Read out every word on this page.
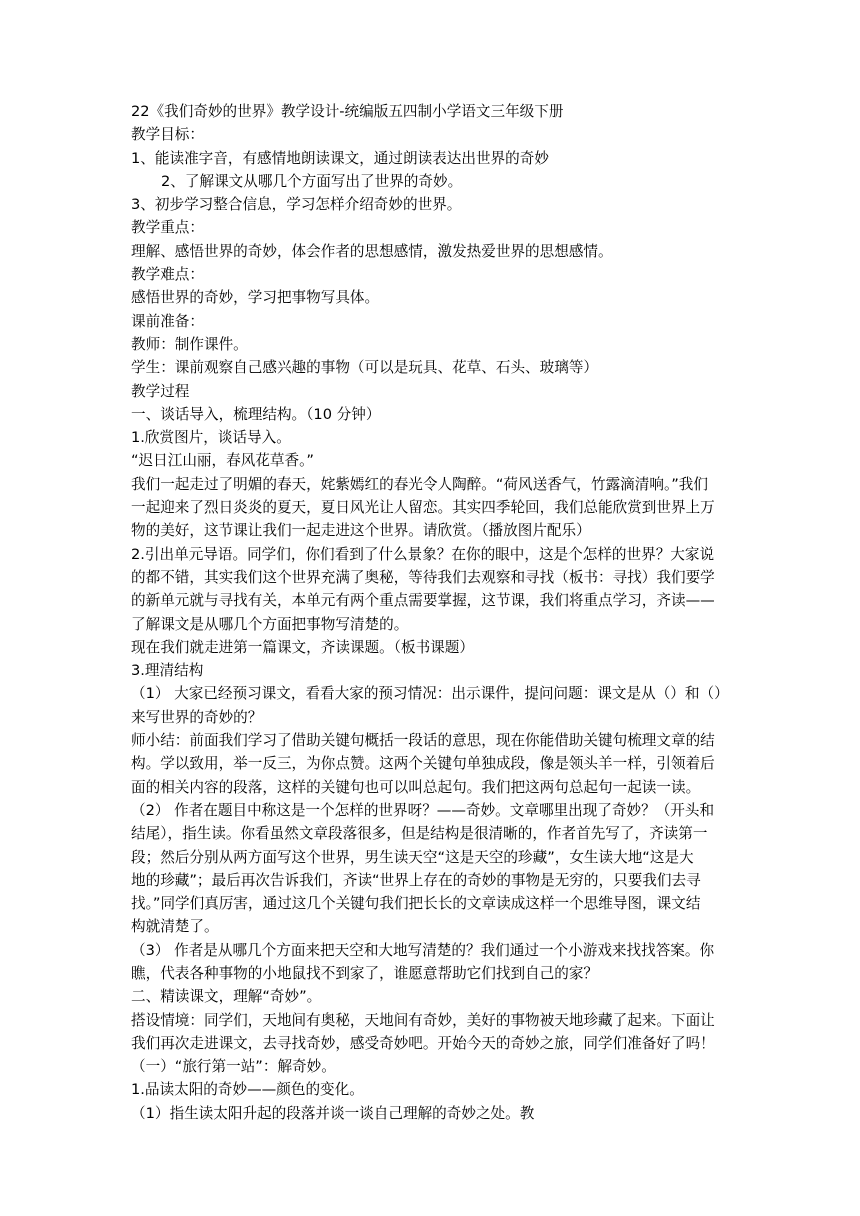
22《我们奇妙的世界》教学设计-统编版五四制小学语文三年级下册
教学目标：
1、能读准字音，有感情地朗读课文，通过朗读表达出世界的奇妙
2、了解课文从哪几个方面写出了世界的奇妙。
3、初步学习整合信息，学习怎样介绍奇妙的世界。
教学重点：
理解、感悟世界的奇妙，体会作者的思想感情，激发热爱世界的思想感情。
教学难点：
感悟世界的奇妙，学习把事物写具体。
课前准备：
教师：制作课件。
学生：课前观察自己感兴趣的事物（可以是玩具、花草、石头、玻璃等）
教学过程
一、谈话导入，梳理结构。（10 分钟）
1.欣赏图片，谈话导入。
“迟日江山丽，春风花草香。”
我们一起走过了明媚的春天，姹紫嫣红的春光令人陶醉。“荷风送香气，竹露滴清响。”我们
一起迎来了烈日炎炎的夏天，夏日风光让人留恋。其实四季轮回，我们总能欣赏到世界上万
物的美好，这节课让我们一起走进这个世界。请欣赏。（播放图片配乐）
2.引出单元导语。同学们，你们看到了什么景象？在你的眼中，这是个怎样的世界？大家说
的都不错，其实我们这个世界充满了奥秘，等待我们去观察和寻找（板书：寻找）我们要学
的新单元就与寻找有关，本单元有两个重点需要掌握，这节课，我们将重点学习，齐读——
了解课文是从哪几个方面把事物写清楚的。
现在我们就走进第一篇课文，齐读课题。（板书课题）
3.理清结构
（1） 大家已经预习课文，看看大家的预习情况：出示课件，提问问题：课文是从（）和（）
来写世界的奇妙的？
师小结：前面我们学习了借助关键句概括一段话的意思，现在你能借助关键句梳理文章的结
构。学以致用，举一反三，为你点赞。这两个关键句单独成段，像是领头羊一样，引领着后
面的相关内容的段落，这样的关键句也可以叫总起句。我们把这两句总起句一起读一读。
（2） 作者在题目中称这是一个怎样的世界呀？——奇妙。文章哪里出现了奇妙？（开头和
结尾），指生读。你看虽然文章段落很多，但是结构是很清晰的，作者首先写了，齐读第一
段；然后分别从两方面写这个世界，男生读天空“这是天空的珍藏”，女生读大地“这是大
地的珍藏”；最后再次告诉我们，齐读“世界上存在的奇妙的事物是无穷的，只要我们去寻
找。”同学们真厉害，通过这几个关键句我们把长长的文章读成这样一个思维导图，课文结
构就清楚了。
（3） 作者是从哪几个方面来把天空和大地写清楚的？我们通过一个小游戏来找找答案。你
瞧，代表各种事物的小地鼠找不到家了，谁愿意帮助它们找到自己的家？
二、精读课文，理解“奇妙”。
搭设情境：同学们，天地间有奥秘，天地间有奇妙，美好的事物被天地珍藏了起来。下面让
我们再次走进课文，去寻找奇妙，感受奇妙吧。开始今天的奇妙之旅，同学们准备好了吗！
（一）“旅行第一站”：解奇妙。
1.品读太阳的奇妙——颜色的变化。
（1）指生读太阳升起的段落并谈一谈自己理解的奇妙之处。教
